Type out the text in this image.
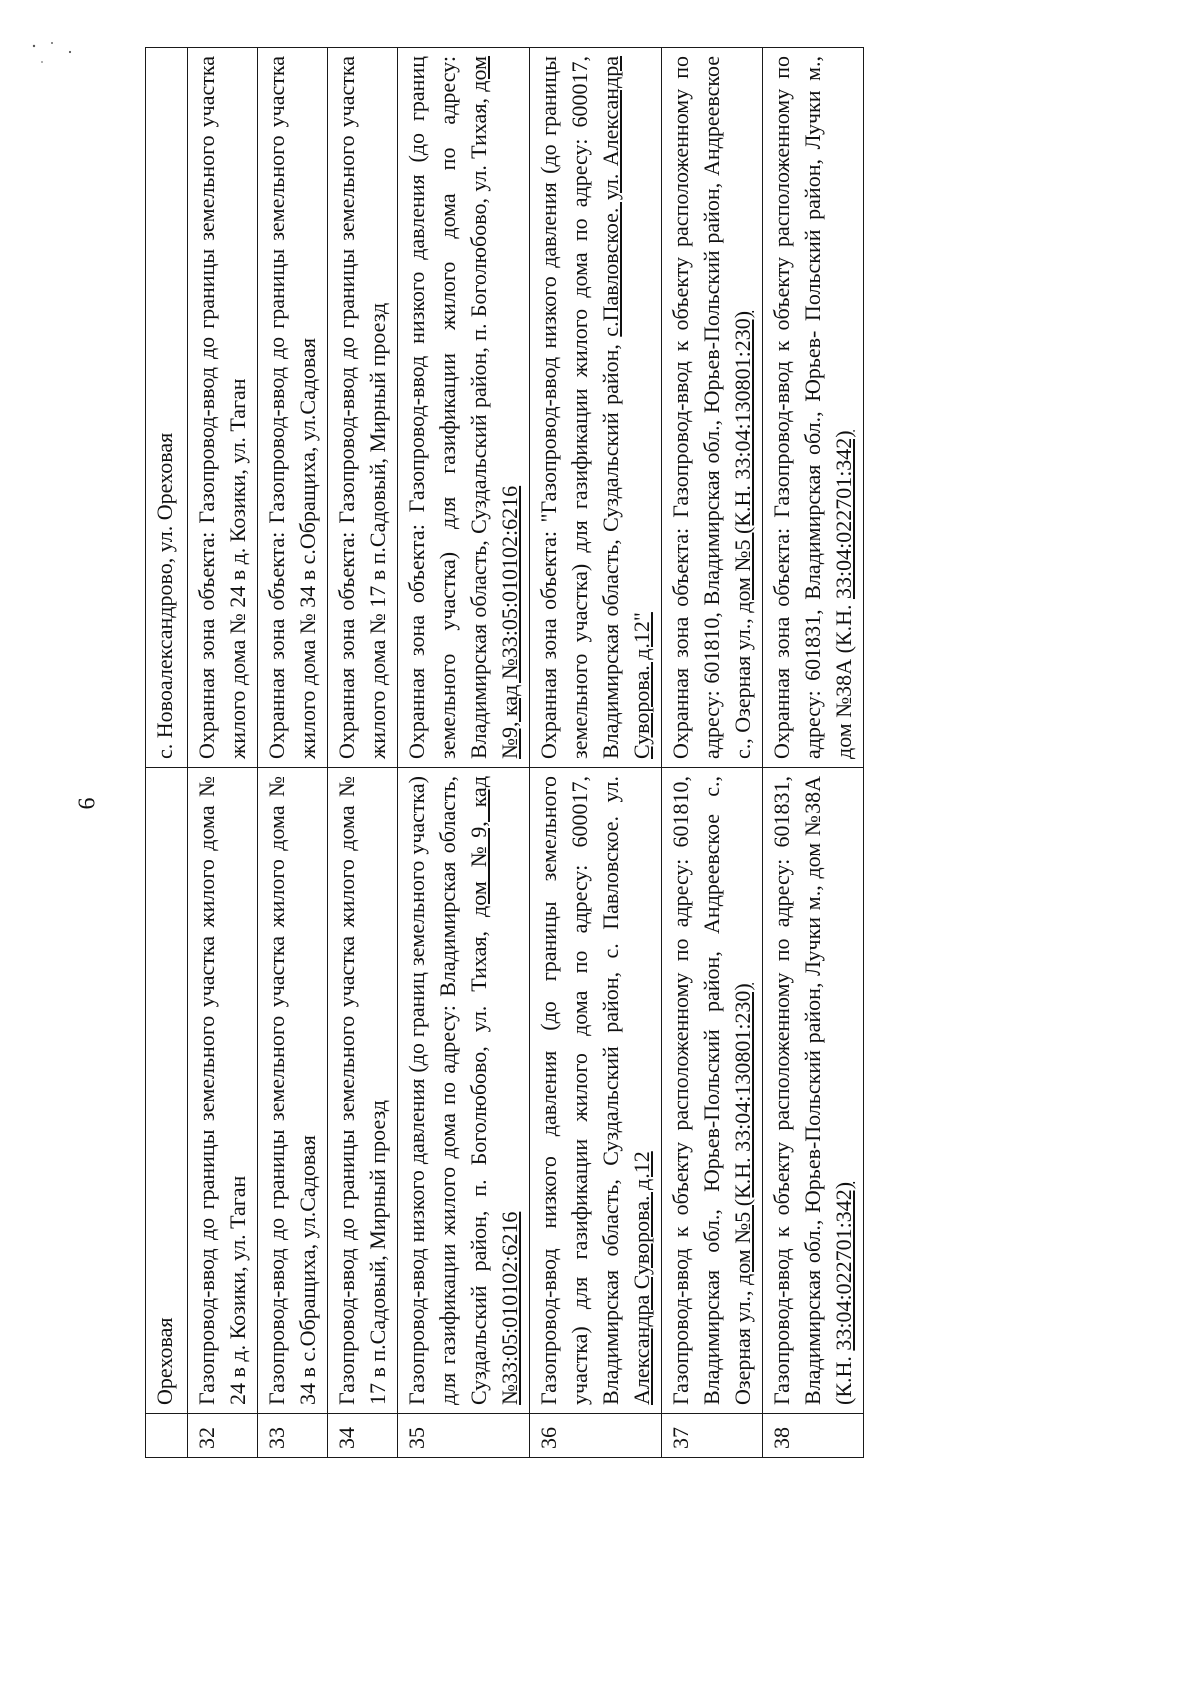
6
	Ореховая	с. Новоалександрово, ул. Ореховая
32	Газопровод-ввод до границы земельного участка жилого дома № 24 в д. Козики, ул. Таган	Охранная зона объекта: Газопровод-ввод до границы земельного участка жилого дома № 24 в д. Козики, ул. Таган
33	Газопровод-ввод до границы земельного участка жилого дома № 34 в с.Обращиха, ул.Садовая	Охранная зона объекта: Газопровод-ввод до границы земельного участка жилого дома № 34 в с.Обращиха, ул.Садовая
34	Газопровод-ввод до границы земельного участка жилого дома № 17 в п.Садовый, Мирный проезд	Охранная зона объекта: Газопровод-ввод до границы земельного участка жилого дома № 17 в п.Садовый, Мирный проезд
35	Газопровод-ввод низкого давления (до границ земельного участка) для газификации жилого дома по адресу: Владимирская область, Суздальский район, п. Боголюбово, ул. Тихая, дом №9, кад №33:05:010102:6216	Охранная зона объекта: Газопровод-ввод низкого давления (до границ земельного участка) для газификации жилого дома по адресу: Владимирская область, Суздальский район, п. Боголюбово, ул. Тихая, дом №9, кад №33:05:010102:6216
36	Газопровод-ввод низкого давления (до границы земельного участка) для газификации жилого дома по адресу: 600017, Владимирская область, Суздальский район, с. Павловское. ул. Александра Суворова. д.12	Охранная зона объекта: "Газопровод-ввод низкого давления (до границы земельного участка) для газификации жилого дома по адресу: 600017, Владимирская область, Суздальский район, с.Павловское. ул. Александра Суворова. д.12"
37	Газопровод-ввод к объекту расположенному по адресу: 601810, Владимирская обл., Юрьев-Польский район, Андреевское с., Озерная ул., дом №5 (К.Н. 33:04:130801:230)	Охранная зона объекта: Газопровод-ввод к объекту расположенному по адресу: 601810, Владимирская обл., Юрьев-Польский район, Андреевское с., Озерная ул., дом №5 (К.Н. 33:04:130801:230)
38	Газопровод-ввод к объекту расположенному по адресу: 601831, Владимирская обл., Юрьев-Польский район, Лучки м., дом №38А (К.Н. 33:04:022701:342)	Охранная зона объекта: Газопровод-ввод к объекту расположенному по адресу: 601831, Владимирская обл., Юрьев- Польский район, Лучки м., дом №38А (К.Н. 33:04:022701:342)
